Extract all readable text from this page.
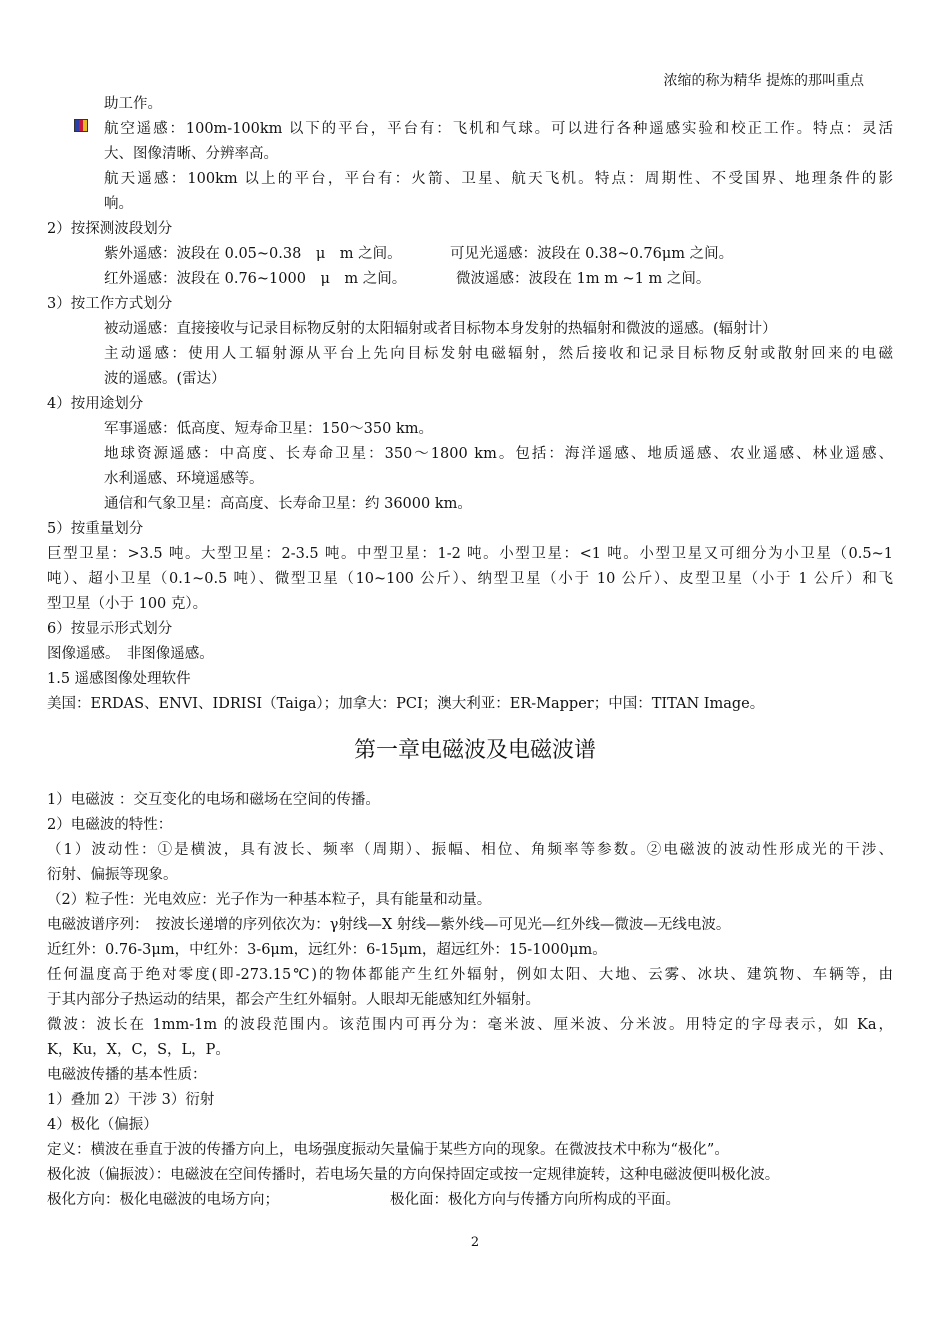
浓缩的称为精华 提炼的那叫重点
助工作。
航空遥感：100m-100km 以下的平台，平台有：飞机和气球。可以进行各种遥感实验和校正工作。特点：灵活
大、图像清晰、分辨率高。
航天遥感：100km 以上的平台，平台有：火箭、卫星、航天飞机。特点：周期性、不受国界、地理条件的影
响。
2）按探测波段划分
紫外遥感：波段在 0.05~0.38　μ　m 之间。	可见光遥感：波段在 0.38~0.76μm 之间。
红外遥感：波段在 0.76~1000　μ　m 之间。	微波遥感：波段在 1m m ~1 m 之间。
3）按工作方式划分
被动遥感：直接接收与记录目标物反射的太阳辐射或者目标物本身发射的热辐射和微波的遥感。(辐射计）
主动遥感：使用人工辐射源从平台上先向目标发射电磁辐射，然后接收和记录目标物反射或散射回来的电磁
波的遥感。(雷达）
4）按用途划分
军事遥感：低高度、短寿命卫星：150～350 km。
地球资源遥感：中高度、长寿命卫星：350～1800 km。包括：海洋遥感、地质遥感、农业遥感、林业遥感、
水利遥感、环境遥感等。
通信和气象卫星：高高度、长寿命卫星：约 36000 km。
5）按重量划分
巨型卫星：>3.5 吨。大型卫星：2-3.5 吨。中型卫星：1-2 吨。小型卫星：<1 吨。小型卫星又可细分为小卫星（0.5~1
吨）、超小卫星（0.1~0.5 吨）、微型卫星（10~100 公斤）、纳型卫星（小于 10 公斤）、皮型卫星（小于 1 公斤）和飞
型卫星（小于 100 克）。
6）按显示形式划分
图像遥感。　非图像遥感。
1.5 遥感图像处理软件
美国：ERDAS、ENVI、IDRISI（Taiga）；加拿大：PCI；澳大利亚：ER-Mapper；中国：TITAN Image。
第一章电磁波及电磁波谱
1）电磁波 ：交互变化的电场和磁场在空间的传播。
2）电磁波的特性：
（1）波动性：①是横波，具有波长、频率（周期）、振幅、相位、角频率等参数。②电磁波的波动性形成光的干涉、
衍射、偏振等现象。
（2）粒子性：光电效应：光子作为一种基本粒子，具有能量和动量。
电磁波谱序列：　按波长递增的序列依次为：γ射线—X 射线—紫外线—可见光—红外线—微波—无线电波。
近红外：0.76-3μm，中红外：3-6μm，远红外：6-15μm，超远红外：15-1000μm。
任何温度高于绝对零度(即-273.15℃)的物体都能产生红外辐射，例如太阳、大地、云雾、冰块、建筑物、车辆等，由
于其内部分子热运动的结果，都会产生红外辐射。人眼却无能感知红外辐射。
微波：波长在 1mm-1m 的波段范围内。该范围内可再分为：毫米波、厘米波、分米波。用特定的字母表示，如 Ka，
K，Ku，X，C，S，L，P。
电磁波传播的基本性质：
1）叠加 2）干涉 3）衍射
4）极化（偏振）
定义：横波在垂直于波的传播方向上，电场强度振动矢量偏于某些方向的现象。在微波技术中称为“极化”。
极化波（偏振波）：电磁波在空间传播时，若电场矢量的方向保持固定或按一定规律旋转，这种电磁波便叫极化波。
极化方向：极化电磁波的电场方向；	极化面：极化方向与传播方向所构成的平面。
2
